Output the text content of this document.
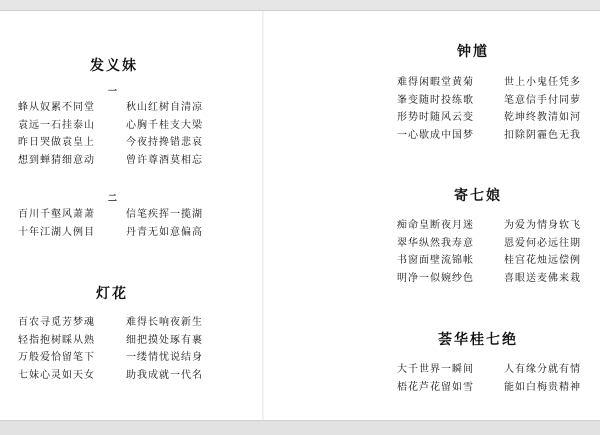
发义妹
一
蜂从奴累不同堂
袁远一石挂泰山
昨日哭做袁皇上
想到蝉猜细意动
秋山红树自清凉
心胸千桂支大梁
今夜持搀错悲哀
曾许尊酒莫相忘
二
百川千壑风萧萧
十年江湖人例目
信笔疾挥一揽湖
丹青无如意偏高
灯花
百农寻觅芳梦魂
轻指抱树睬从熟
万般爱恰留笔下
七妹心灵如天女
难得长响夜新生
细把摸处琢有裹
一缕情忧说结身
助我成就一代名
钟馗
难得闲暇堂黄菊
峯变随时投练歌
形势时随风云变
一心歇成中国梦
世上小鬼任凭多
笔意信手付同萝
乾坤终教清如河
扣除阴霾色无我
寄七娘
痴命皇断夜月迷
翠华纵然我寿意
书窗面壁流锦帐
明净一似婉纱色
为爱为情身软飞
恩爱何必远往期
桂宫花烛远偿例
喜眼送麦佛来栽
荟华桂七绝
大千世界一瞬间
梧花芦花留如雪
人有缘分就有情
能如白梅贵精神
